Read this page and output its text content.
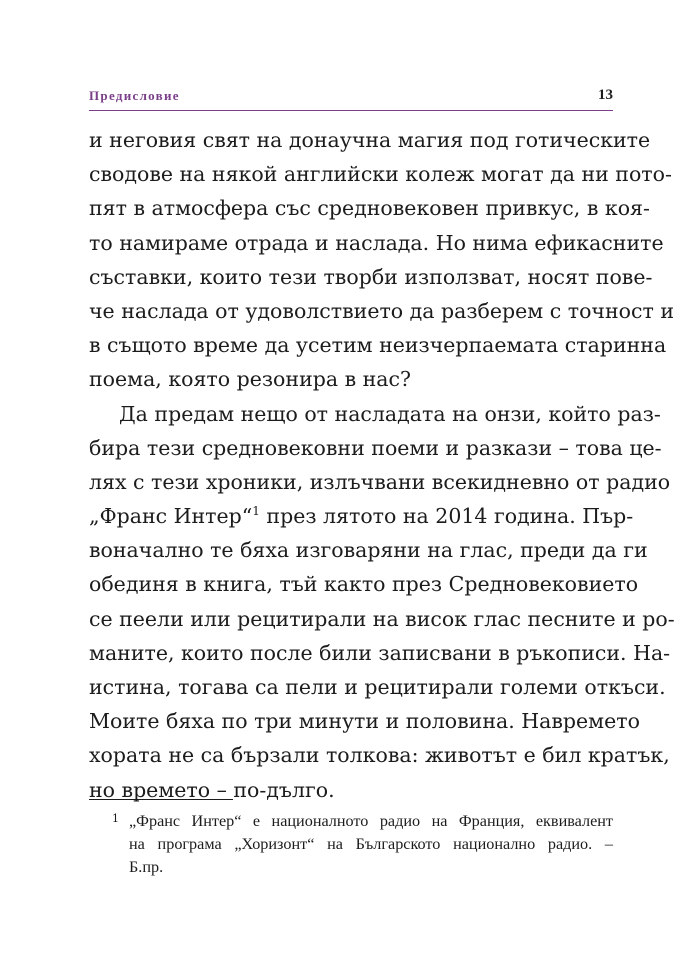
Предисловие	13
и неговия свят на донаучна магия под готическите
сводове на някой английски колеж могат да ни пото-
пят в атмосфера със средновековен привкус, в коя-
то намираме отрада и наслада. Но нима ефикасните
съставки, които тези творби използват, носят пове-
че наслада от удоволствието да разберем с точност и
в същото време да усетим неизчерпаемата старинна
поема, която резонира в нас?
Да предам нещо от насладата на онзи, който раз-
бира тези средновековни поеми и разкази – това це-
лях с тези хроники, излъчвани всекидневно от радио
„Франс Интер“$^1$ през лятото на 2014 година. Пър-
воначално те бяха изговаряни на глас, преди да ги
обединя в книга, тъй както през Средновековието
се пеели или рецитирали на висок глас песните и ро-
маните, които после били записвани в ръкописи. На-
истина, тогава са пели и рецитирали големи откъси.
Моите бяха по три минути и половина. Навремето
хората не са бързали толкова: животът е бил кратък,
но времето – по-дълго.
1 „Франс Интер“ е националното радио на Франция, еквивалент
на програма „Хоризонт“ на Българското национално радио. –
Б.пр.
